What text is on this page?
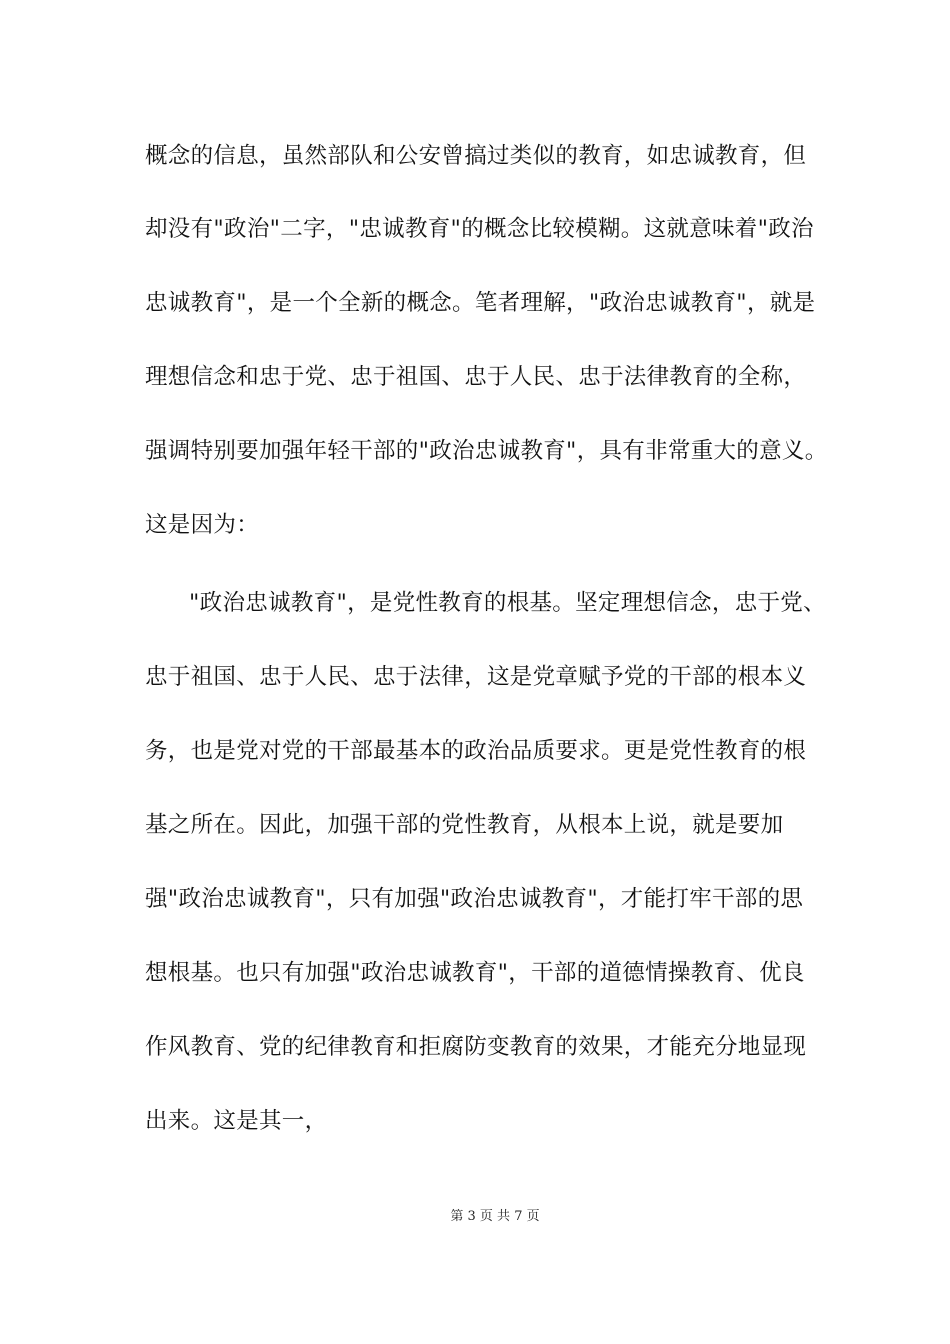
概念的信息，虽然部队和公安曾搞过类似的教育，如忠诚教育，但
却没有"政治"二字，"忠诚教育"的概念比较模糊。这就意味着"政治
忠诚教育"，是一个全新的概念。笔者理解，"政治忠诚教育"，就是
理想信念和忠于党、忠于祖国、忠于人民、忠于法律教育的全称，
强调特别要加强年轻干部的"政治忠诚教育"，具有非常重大的意义。
这是因为：
"政治忠诚教育"，是党性教育的根基。坚定理想信念，忠于党、
忠于祖国、忠于人民、忠于法律，这是党章赋予党的干部的根本义
务，也是党对党的干部最基本的政治品质要求。更是党性教育的根
基之所在。因此，加强干部的党性教育，从根本上说，就是要加
强"政治忠诚教育"，只有加强"政治忠诚教育"，才能打牢干部的思
想根基。也只有加强"政治忠诚教育"，干部的道德情操教育、优良
作风教育、党的纪律教育和拒腐防变教育的效果，才能充分地显现
出来。这是其一，
第 3 页 共 7 页
